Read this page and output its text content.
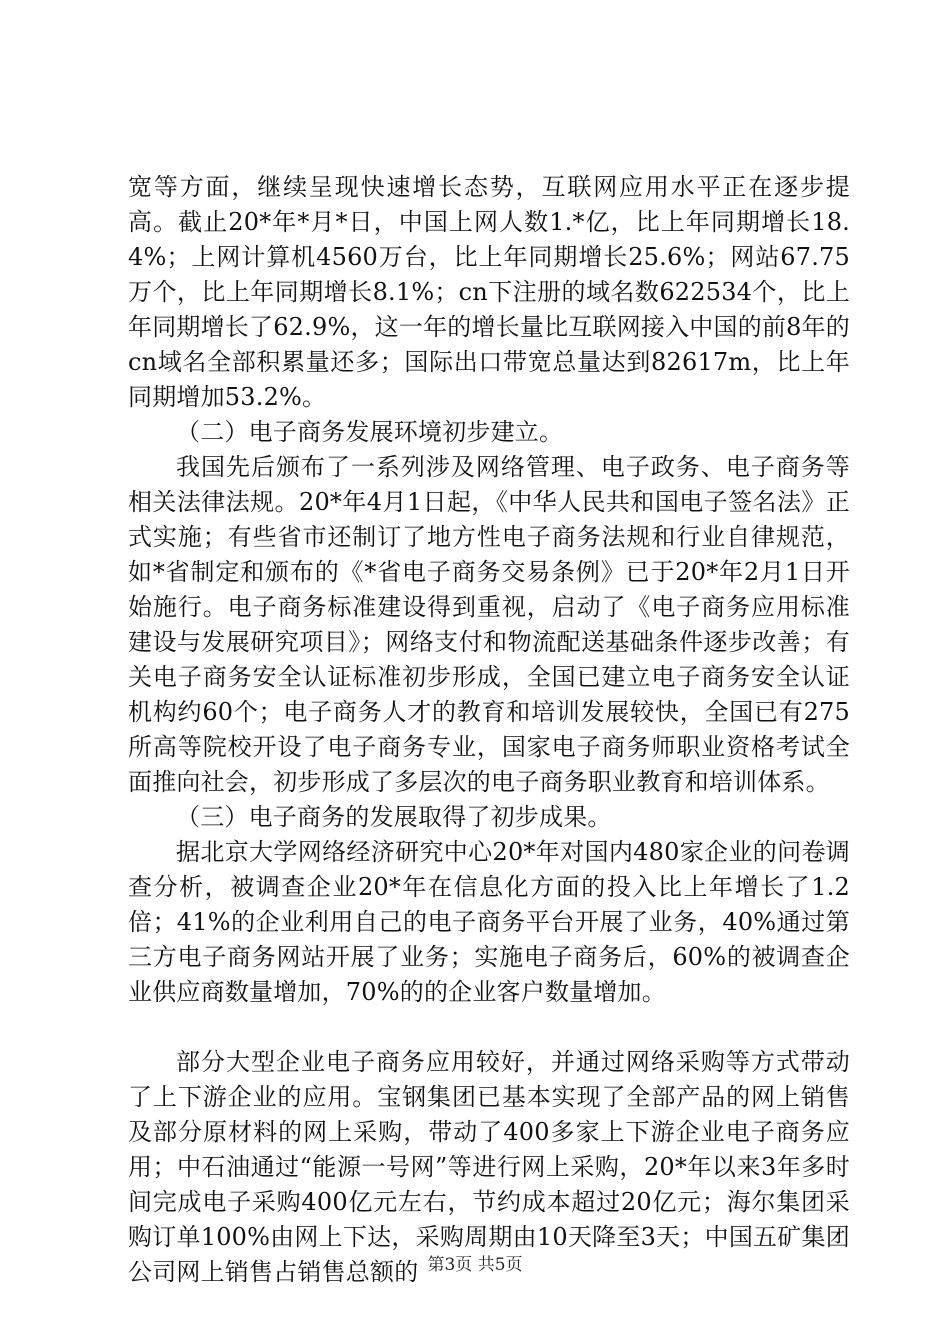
宽等方面，继续呈现快速增长态势，互联网应用水平正在逐步提高。截止20*年*月*日，中国上网人数1.*亿，比上年同期增长18.4%；上网计算机4560万台，比上年同期增长25.6%；网站67.75万个，比上年同期增长8.1%；cn下注册的域名数622534个，比上年同期增长了62.9%，这一年的增长量比互联网接入中国的前8年的cn域名全部积累量还多；国际出口带宽总量达到82617m，比上年同期增加53.2%。

（二）电子商务发展环境初步建立。

我国先后颁布了一系列涉及网络管理、电子政务、电子商务等相关法律法规。20*年4月1日起，《中华人民共和国电子签名法》正式实施；有些省市还制订了地方性电子商务法规和行业自律规范，如*省制定和颁布的《*省电子商务交易条例》已于20*年2月1日开始施行。电子商务标准建设得到重视，启动了《电子商务应用标准建设与发展研究项目》；网络支付和物流配送基础条件逐步改善；有关电子商务安全认证标准初步形成，全国已建立电子商务安全认证机构约60个；电子商务人才的教育和培训发展较快，全国已有275所高等院校开设了电子商务专业，国家电子商务师职业资格考试全面推向社会，初步形成了多层次的电子商务职业教育和培训体系。

（三）电子商务的发展取得了初步成果。

据北京大学网络经济研究中心20*年对国内480家企业的问卷调查分析，被调查企业20*年在信息化方面的投入比上年增长了1.2倍；41%的企业利用自己的电子商务平台开展了业务，40%通过第三方电子商务网站开展了业务；实施电子商务后，60%的被调查企业供应商数量增加，70%的的企业客户数量增加。

部分大型企业电子商务应用较好，并通过网络采购等方式带动了上下游企业的应用。宝钢集团已基本实现了全部产品的网上销售及部分原材料的网上采购，带动了400多家上下游企业电子商务应用；中石油通过“能源一号网”等进行网上采购，20*年以来3年多时间完成电子采购400亿元左右，节约成本超过20亿元；海尔集团采购订单100%由网上下达，采购周期由10天降至3天；中国五矿集团公司网上销售占销售总额的 第3页 共5页
